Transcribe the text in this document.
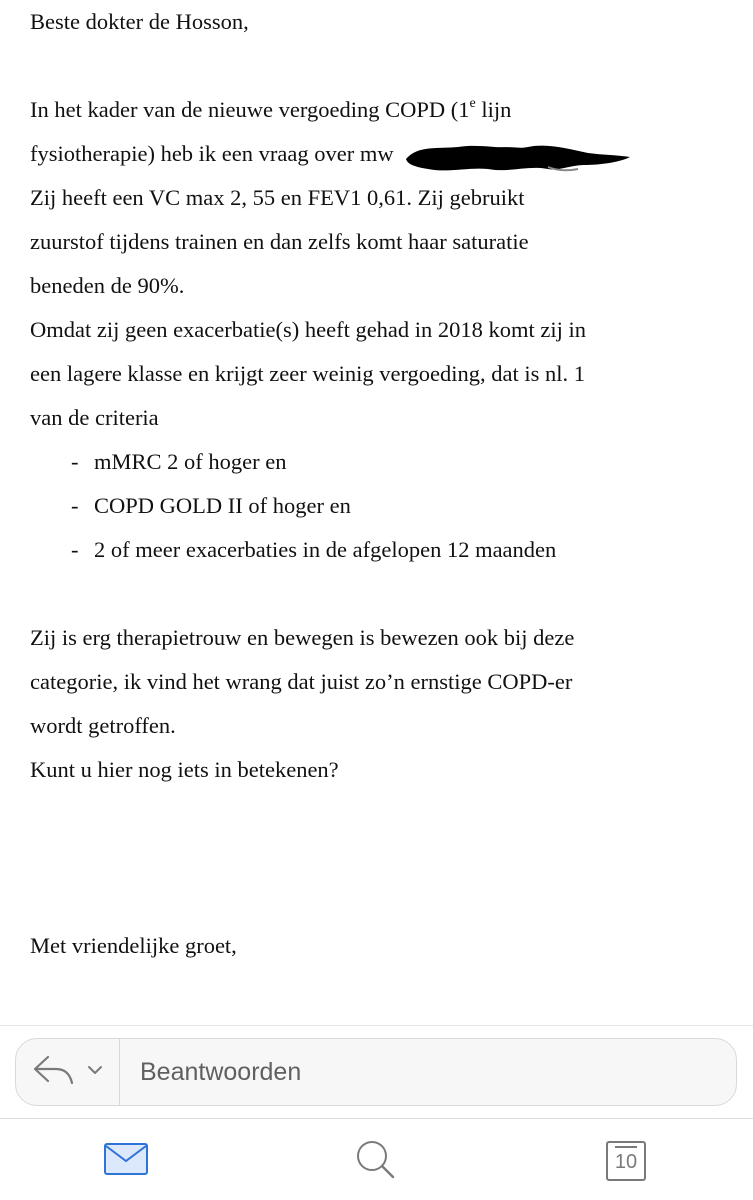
Beste dokter de Hosson,
In het kader van de nieuwe vergoeding COPD (1e lijn
fysiotherapie) heb ik een vraag over mw
Zij heeft een VC max 2, 55 en FEV1 0,61. Zij gebruikt
zuurstof tijdens trainen en dan zelfs komt haar saturatie
beneden de 90%.
Omdat zij geen exacerbatie(s) heeft gehad in 2018 komt zij in
een lagere klasse en krijgt zeer weinig vergoeding, dat is nl. 1
van de criteria
- mMRC 2 of hoger en
- COPD GOLD II of hoger en
- 2 of meer exacerbaties in de afgelopen 12 maanden
Zij is erg therapietrouw en bewegen is bewezen ook bij deze
categorie, ik vind het wrang dat juist zo’n ernstige COPD-er
wordt getroffen.
Kunt u hier nog iets in betekenen?
Met vriendelijke groet,
Beantwoorden
10
